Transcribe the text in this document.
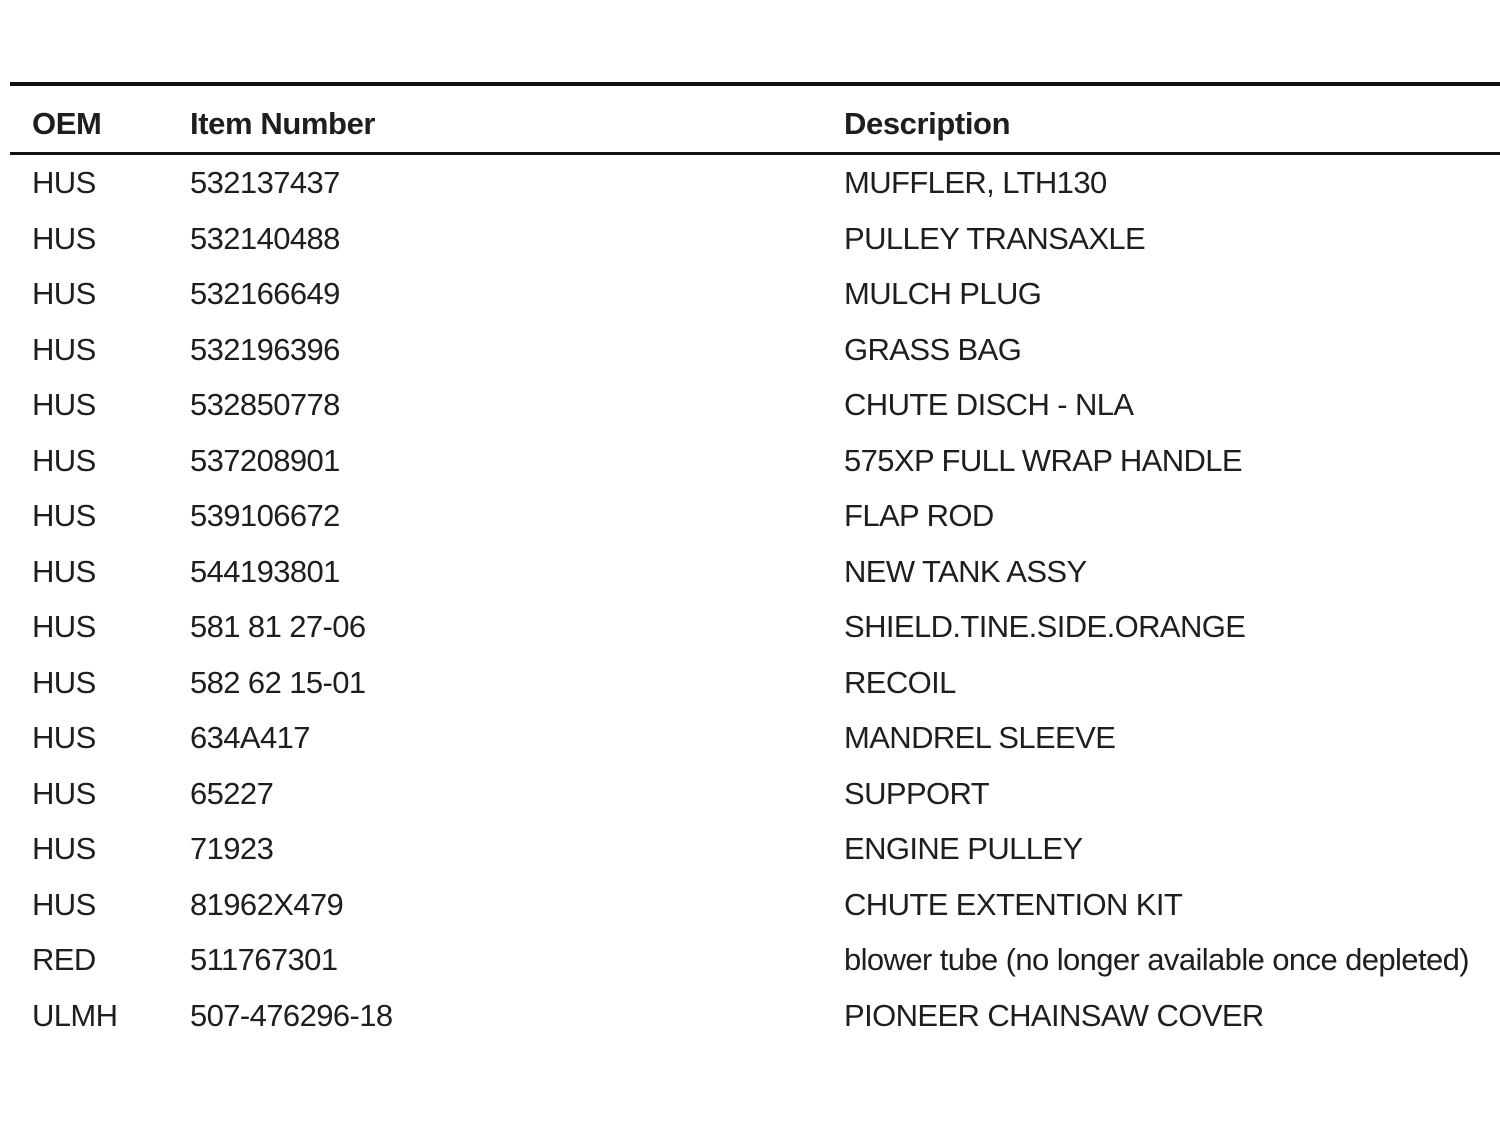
OEM	Item Number	Description
HUS	532137437	MUFFLER, LTH130
HUS	532140488	PULLEY TRANSAXLE
HUS	532166649	MULCH PLUG
HUS	532196396	GRASS BAG
HUS	532850778	CHUTE DISCH - NLA
HUS	537208901	575XP FULL WRAP HANDLE
HUS	539106672	FLAP ROD
HUS	544193801	NEW TANK ASSY
HUS	581 81 27-06	SHIELD.TINE.SIDE.ORANGE
HUS	582 62 15-01	RECOIL
HUS	634A417	MANDREL SLEEVE
HUS	65227	SUPPORT
HUS	71923	ENGINE PULLEY
HUS	81962X479	CHUTE EXTENTION KIT
RED	511767301	blower tube (no longer available once depleted)
ULMH 507-476296-18	PIONEER CHAINSAW COVER
